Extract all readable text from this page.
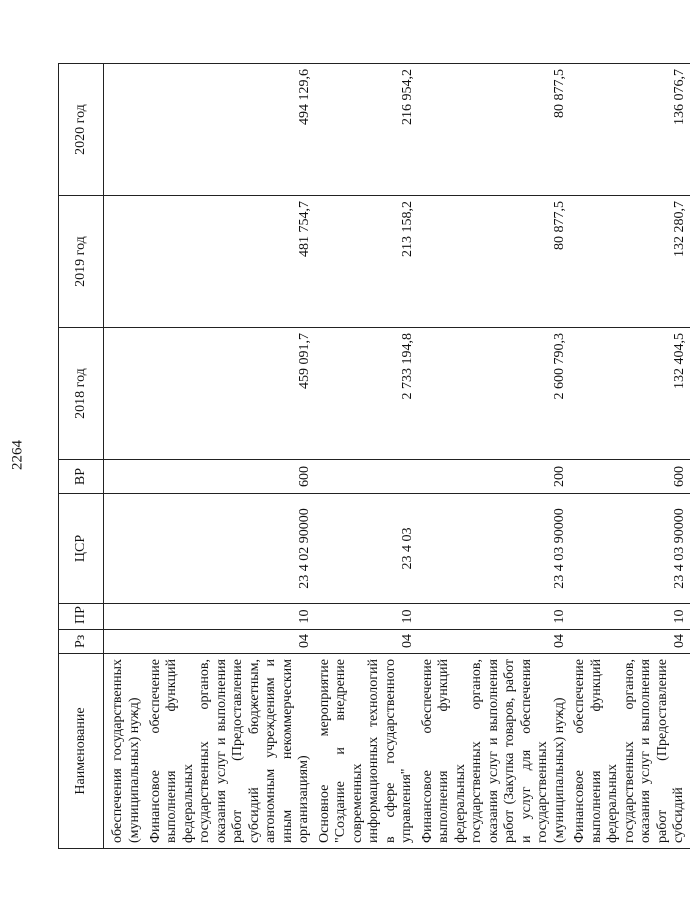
2264
Наименование	Рз	ПР	ЦСР	ВР	2018 год	2019 год	2020 год
обеспечения государственных (муниципальных) нужд)							
Финансовое обеспечение выполнения функций федеральных государственных органов, оказания услуг и выполнения работ (Предоставление субсидий бюджетным, автономным учреждениям и иным некоммерческим организациям)	04	10	23 4 02 90000	600	459 091,7	481 754,7	494 129,6
Основное мероприятие "Создание и внедрение современных информационных технологий в сфере государственного управления"	04	10	23 4 03		2 733 194,8	213 158,2	216 954,2
Финансовое обеспечение выполнения функций федеральных государственных органов, оказания услуг и выполнения работ (Закупка товаров, работ и услуг для обеспечения государственных (муниципальных) нужд)	04	10	23 4 03 90000	200	2 600 790,3	80 877,5	80 877,5
Финансовое обеспечение выполнения функций федеральных государственных органов, оказания услуг и выполнения работ (Предоставление субсидий	04	10	23 4 03 90000	600	132 404,5	132 280,7	136 076,7
